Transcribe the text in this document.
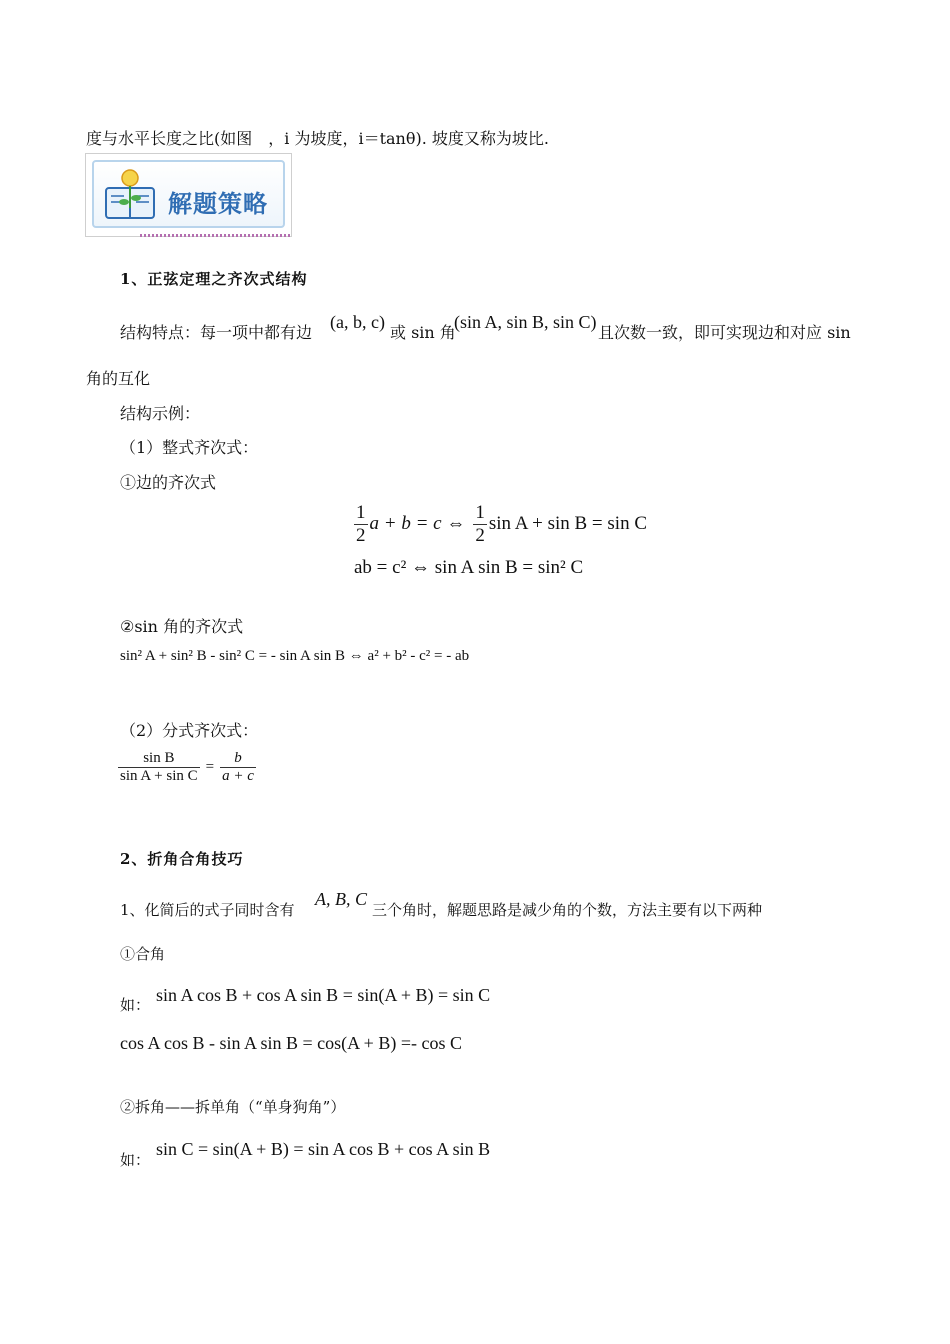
度与水平长度之比(如图　，i 为坡度，i＝tanθ). 坡度又称为坡比.
解题策略
1、正弦定理之齐次式结构
结构特点：每一项中都有边
(a, b, c)
或 sin 角
(sin A, sin B, sin C)
且次数一致，即可实现边和对应 sin
角的互化
结构示例：
（1）整式齐次式：
①边的齐次式
$\frac{1}{2}$ a + b = c ⇔ $\frac{1}{2}$ sin A + sin B = sin C
ab = c² ⇔ sin A sin B = sin² C
②sin 角的齐次式
sin² A + sin² B - sin² C = - sin A sin B ⇔ a² + b² - c² = - ab
（2）分式齐次式：
$\frac{\text{sin B}}{\text{sin A + sin C}} = \frac{b}{a + c}$
2、折角合角技巧
1、化简后的式子同时含有
A, B, C
三个角时，解题思路是减少角的个数，方法主要有以下两种
①合角
如： sin A cos B + cos A sin B = sin(A + B) = sin C
cos A cos B - sin A sin B = cos(A + B) =- cos C
②拆角——拆单角（“单身狗角”）
如：
sin C = sin(A + B) = sin A cos B + cos A sin B
